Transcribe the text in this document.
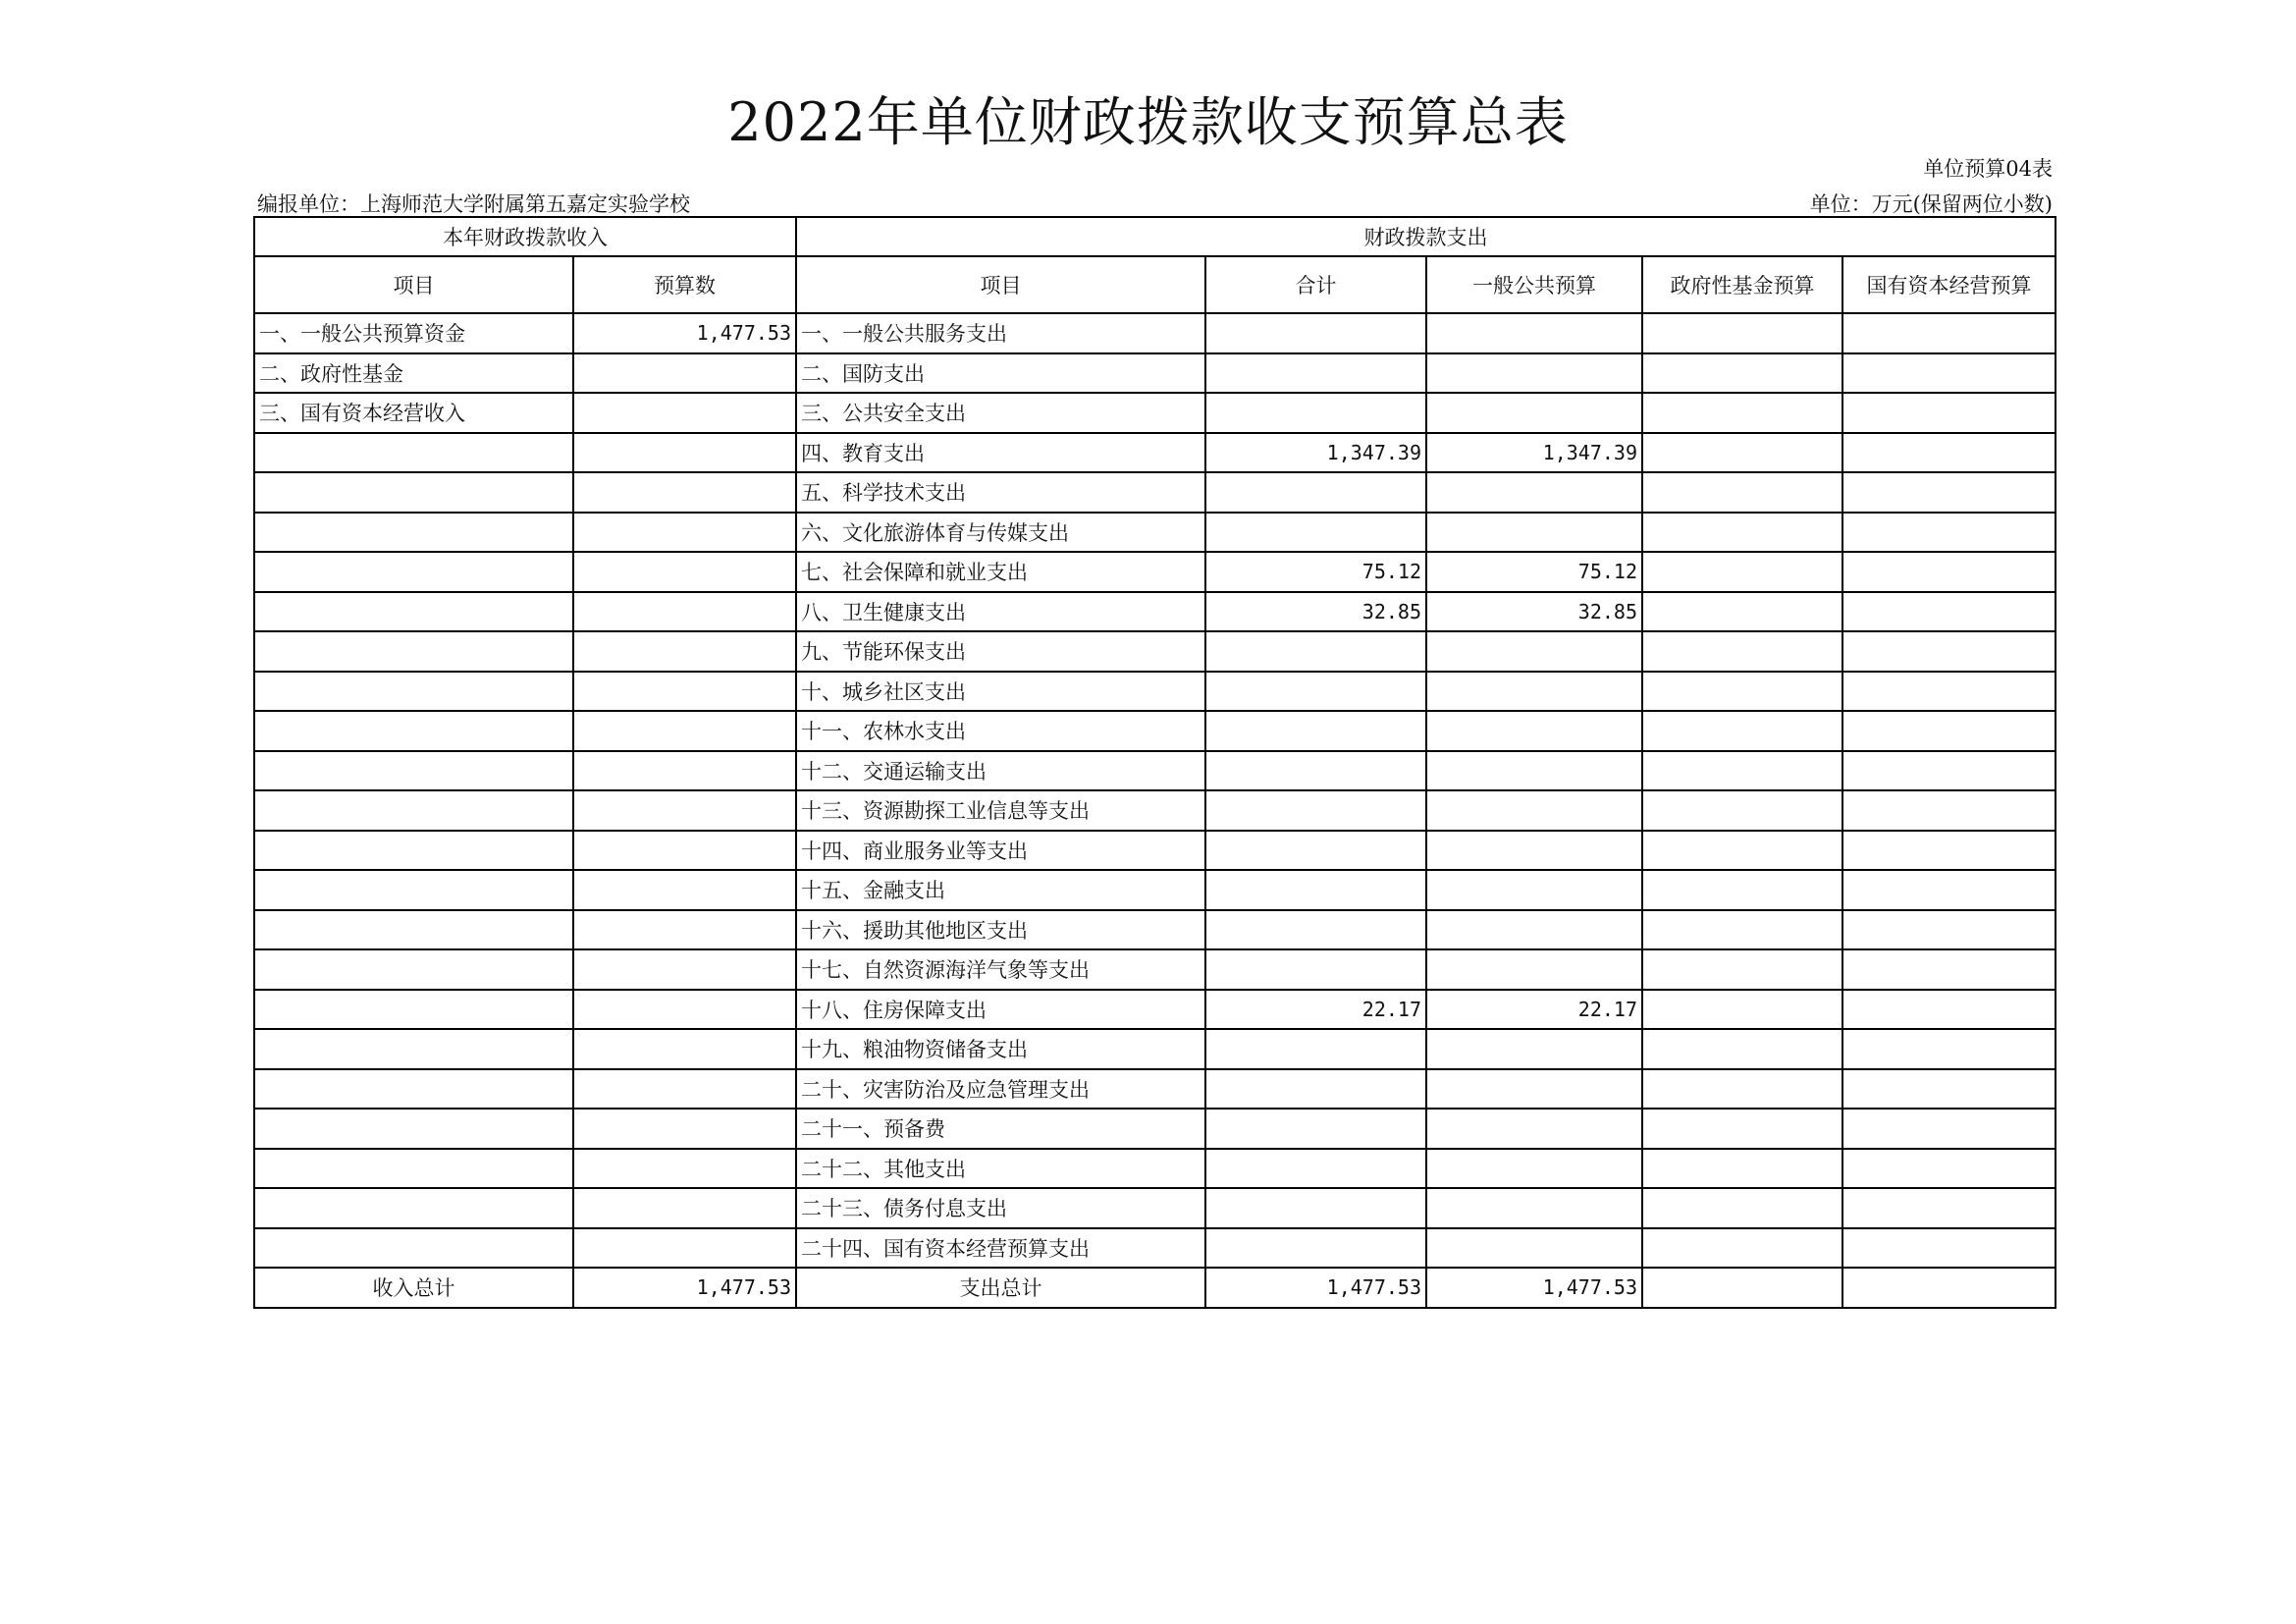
2022年单位财政拨款收支预算总表
单位预算04表
编报单位：上海师范大学附属第五嘉定实验学校	单位：万元(保留两位小数)
本年财政拨款收入		财政拨款支出				
项目	预算数	项目	合计	一般公共预算	政府性基金预算	国有资本经营预算
一、一般公共预算资金	1,477.53	一、一般公共服务支出				
二、政府性基金		二、国防支出				
三、国有资本经营收入		三、公共安全支出				
		四、教育支出	1,347.39	1,347.39		
		五、科学技术支出				
		六、文化旅游体育与传媒支出				
		七、社会保障和就业支出	75.12	75.12		
		八、卫生健康支出	32.85	32.85		
		九、节能环保支出				
		十、城乡社区支出				
		十一、农林水支出				
		十二、交通运输支出				
		十三、资源勘探工业信息等支出				
		十四、商业服务业等支出				
		十五、金融支出				
		十六、援助其他地区支出				
		十七、自然资源海洋气象等支出				
		十八、住房保障支出	22.17	22.17		
		十九、粮油物资储备支出				
		二十、灾害防治及应急管理支出				
		二十一、预备费				
		二十二、其他支出				
		二十三、债务付息支出				
		二十四、国有资本经营预算支出				
收入总计	1,477.53	支出总计	1,477.53	1,477.53		
